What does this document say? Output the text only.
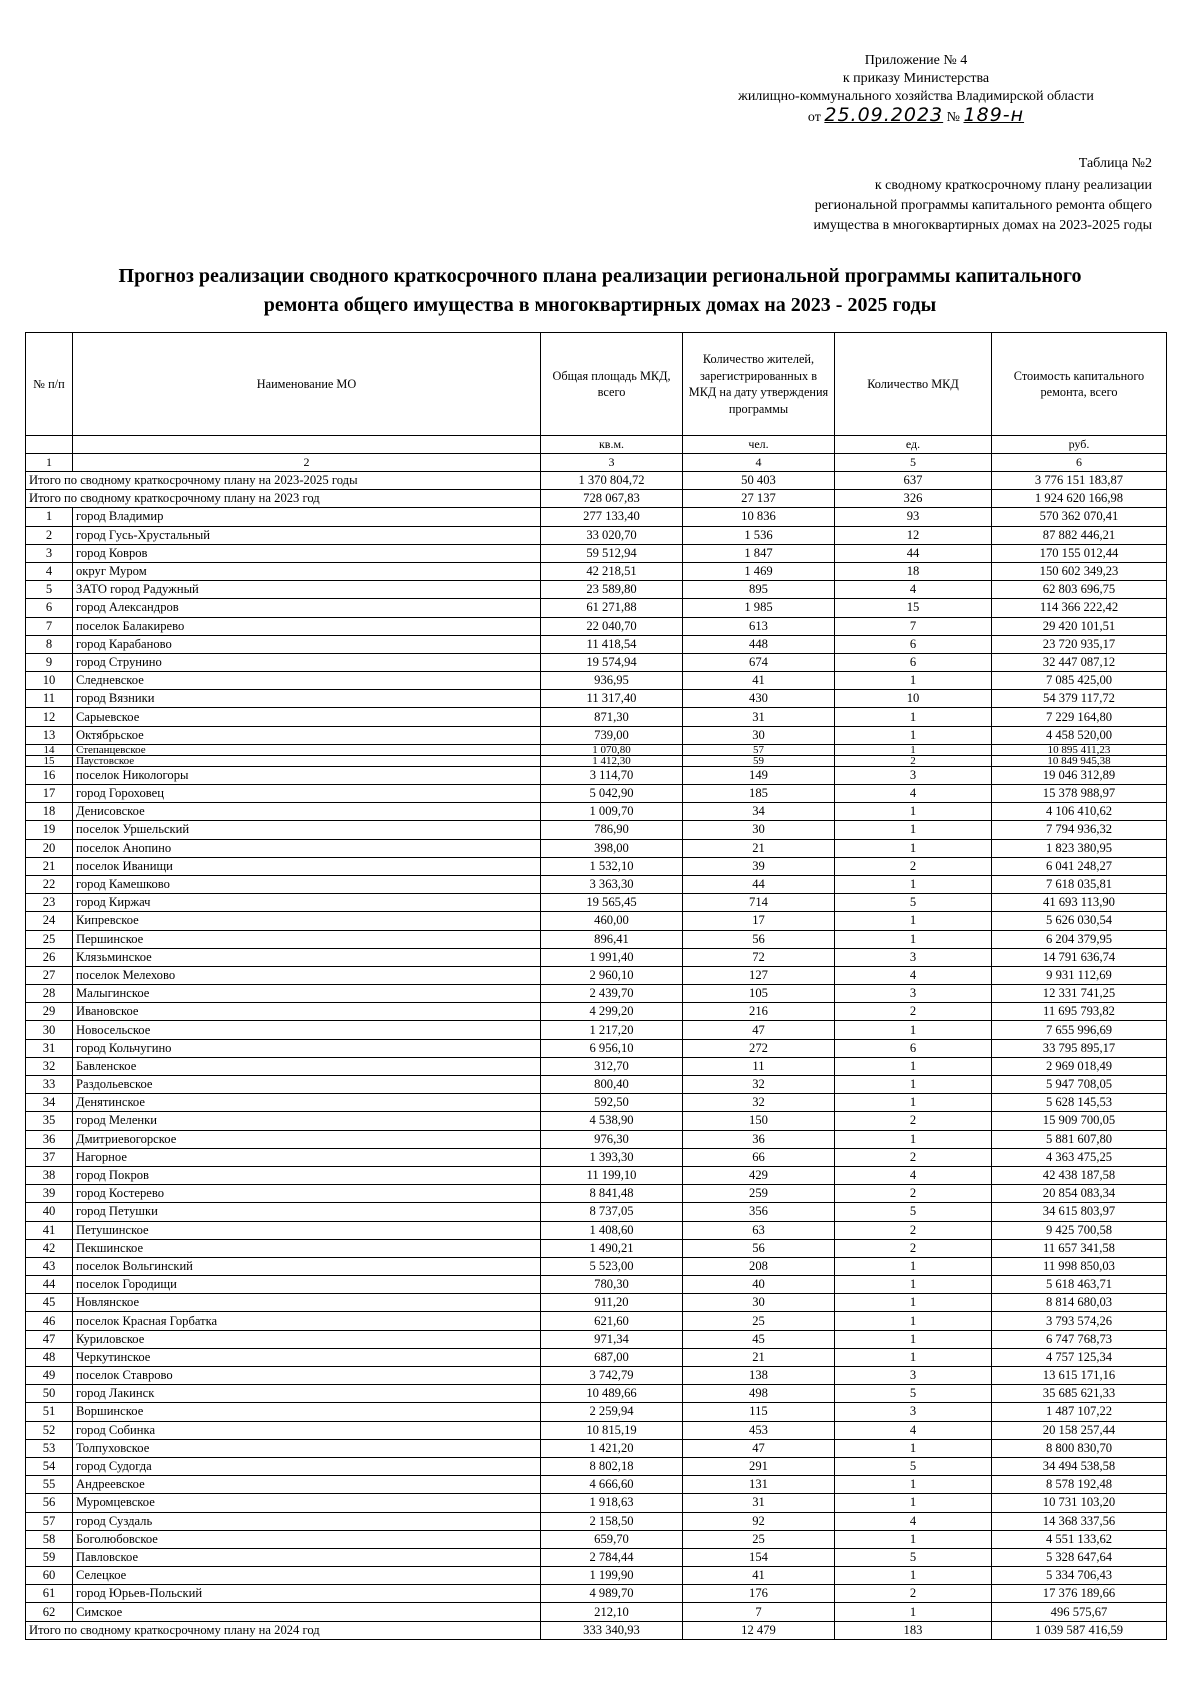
Приложение № 4
к приказу Министерства
жилищно-коммунального хозяйства Владимирской области
от 25.09.2023 № 189-н
Таблица №2
к сводному краткосрочному плану реализации
региональной программы капитального ремонта общего
имущества в многоквартирных домах на 2023-2025 годы
Прогноз реализации сводного краткосрочного плана реализации региональной программы капитального
ремонта общего имущества в многоквартирных домах на 2023 - 2025 годы
№ п/п	Наименование МО	Общая площадь МКД, всего	Количество жителей, зарегистрированных в МКД на дату утверждения программы	Количество МКД	Стоимость капитального ремонта, всего
		кв.м.	чел.	ед.	руб.
1	2	3	4	5	6
Итого по сводному краткосрочному плану на 2023-2025 годы		1 370 804,72	50 403	637	3 776 151 183,87
Итого по сводному краткосрочному плану на 2023 год		728 067,83	27 137	326	1 924 620 166,98
1	город Владимир	277 133,40	10 836	93	570 362 070,41
2	город Гусь-Хрустальный	33 020,70	1 536	12	87 882 446,21
3	город Ковров	59 512,94	1 847	44	170 155 012,44
4	округ Муром	42 218,51	1 469	18	150 602 349,23
5	ЗАТО город Радужный	23 589,80	895	4	62 803 696,75
6	город Александров	61 271,88	1 985	15	114 366 222,42
7	поселок Балакирево	22 040,70	613	7	29 420 101,51
8	город Карабаново	11 418,54	448	6	23 720 935,17
9	город Струнино	19 574,94	674	6	32 447 087,12
10	Следневское	936,95	41	1	7 085 425,00
11	город Вязники	11 317,40	430	10	54 379 117,72
12	Сарыевское	871,30	31	1	7 229 164,80
13	Октябрьское	739,00	30	1	4 458 520,00
14	Степанцевское	1 070,80	57	1	10 895 411,23
15	Паустовское	1 412,30	59	2	10 849 945,38
16	поселок Никологоры	3 114,70	149	3	19 046 312,89
17	город Гороховец	5 042,90	185	4	15 378 988,97
18	Денисовское	1 009,70	34	1	4 106 410,62
19	поселок Уршельский	786,90	30	1	7 794 936,32
20	поселок Анопино	398,00	21	1	1 823 380,95
21	поселок Иванищи	1 532,10	39	2	6 041 248,27
22	город Камешково	3 363,30	44	1	7 618 035,81
23	город Киржач	19 565,45	714	5	41 693 113,90
24	Кипревское	460,00	17	1	5 626 030,54
25	Першинское	896,41	56	1	6 204 379,95
26	Клязьминское	1 991,40	72	3	14 791 636,74
27	поселок Мелехово	2 960,10	127	4	9 931 112,69
28	Малыгинское	2 439,70	105	3	12 331 741,25
29	Ивановское	4 299,20	216	2	11 695 793,82
30	Новосельское	1 217,20	47	1	7 655 996,69
31	город Кольчугино	6 956,10	272	6	33 795 895,17
32	Бавленское	312,70	11	1	2 969 018,49
33	Раздольевское	800,40	32	1	5 947 708,05
34	Денятинское	592,50	32	1	5 628 145,53
35	город Меленки	4 538,90	150	2	15 909 700,05
36	Дмитриевогорское	976,30	36	1	5 881 607,80
37	Нагорное	1 393,30	66	2	4 363 475,25
38	город Покров	11 199,10	429	4	42 438 187,58
39	город Костерево	8 841,48	259	2	20 854 083,34
40	город Петушки	8 737,05	356	5	34 615 803,97
41	Петушинское	1 408,60	63	2	9 425 700,58
42	Пекшинское	1 490,21	56	2	11 657 341,58
43	поселок Вольгинский	5 523,00	208	1	11 998 850,03
44	поселок Городищи	780,30	40	1	5 618 463,71
45	Новлянское	911,20	30	1	8 814 680,03
46	поселок Красная Горбатка	621,60	25	1	3 793 574,26
47	Куриловское	971,34	45	1	6 747 768,73
48	Черкутинское	687,00	21	1	4 757 125,34
49	поселок Ставрово	3 742,79	138	3	13 615 171,16
50	город Лакинск	10 489,66	498	5	35 685 621,33
51	Воршинское	2 259,94	115	3	1 487 107,22
52	город Собинка	10 815,19	453	4	20 158 257,44
53	Толпуховское	1 421,20	47	1	8 800 830,70
54	город Судогда	8 802,18	291	5	34 494 538,58
55	Андреевское	4 666,60	131	1	8 578 192,48
56	Муромцевское	1 918,63	31	1	10 731 103,20
57	город Суздаль	2 158,50	92	4	14 368 337,56
58	Боголюбовское	659,70	25	1	4 551 133,62
59	Павловское	2 784,44	154	5	5 328 647,64
60	Селецкое	1 199,90	41	1	5 334 706,43
61	город Юрьев-Польский	4 989,70	176	2	17 376 189,66
62	Симское	212,10	7	1	496 575,67
Итого по сводному краткосрочному плану на 2024 год		333 340,93	12 479	183	1 039 587 416,59
